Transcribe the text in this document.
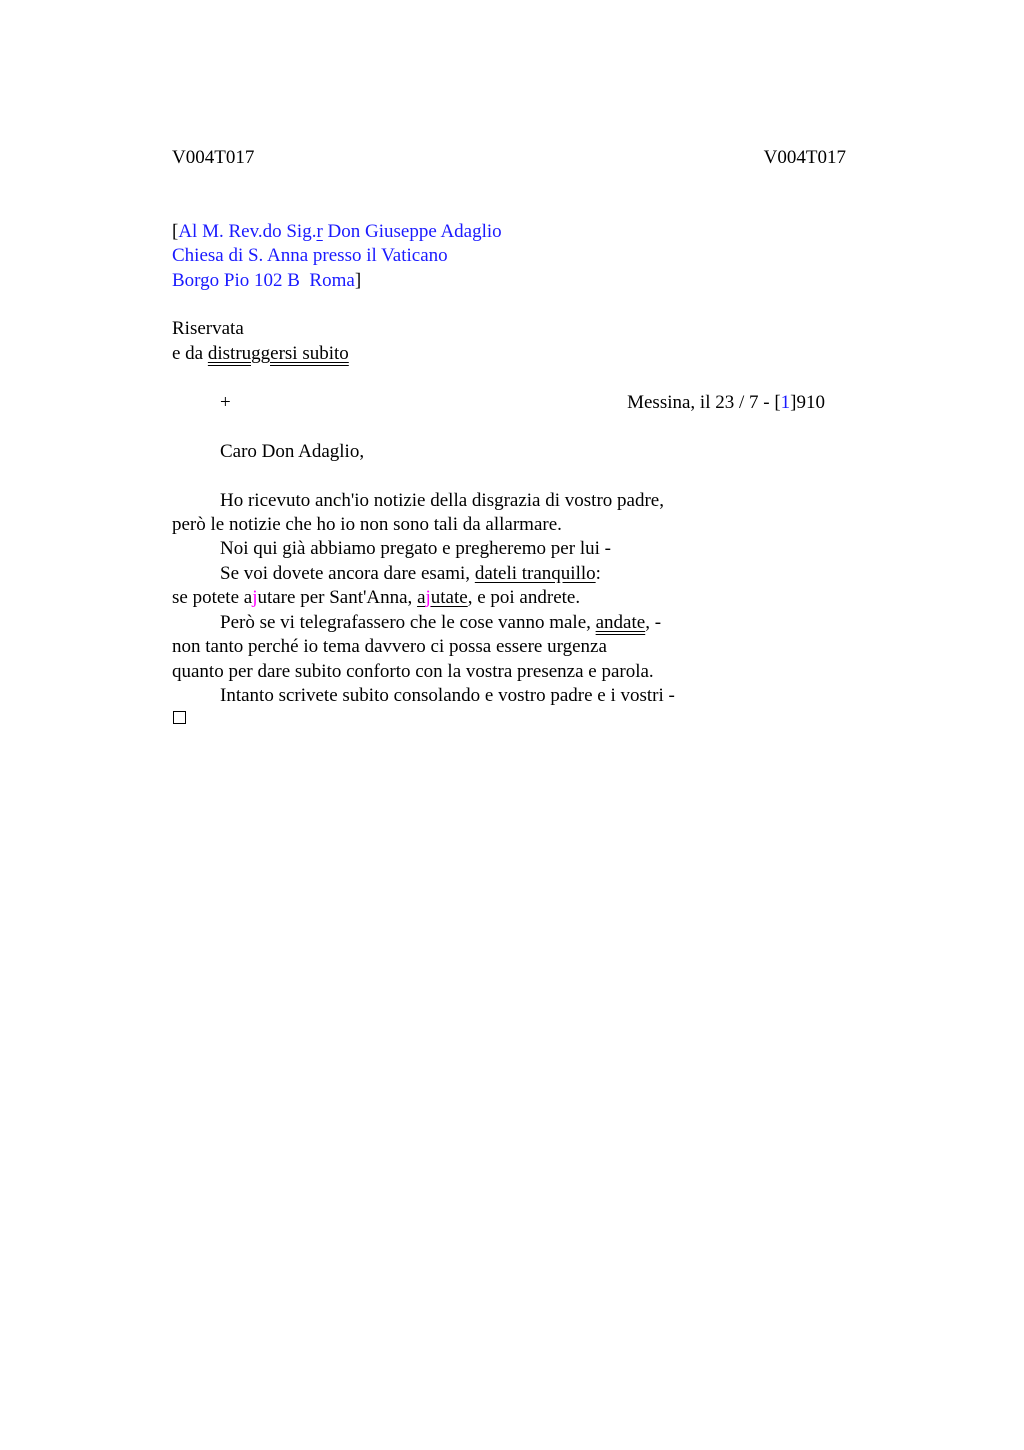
V004T017	V004T017
[Al M. Rev.do Sig.r Don Giuseppe Adaglio
Chiesa di S. Anna presso il Vaticano
Borgo Pio 102 B  Roma]
Riservata
e da distruggersi subito
+	Messina, il 23 / 7 - [1]910
Caro Don Adaglio,
Ho ricevuto anch'io notizie della disgrazia di vostro padre,
però le notizie che ho io non sono tali da allarmare.
Noi qui già abbiamo pregato e pregheremo per lui -
Se voi dovete ancora dare esami, dateli tranquillo:
se potete ajutare per Sant'Anna, ajutate, e poi andrete.
Però se vi telegrafassero che le cose vanno male, andate, -
non tanto perché io tema davvero ci possa essere urgenza
quanto per dare subito conforto con la vostra presenza e parola.
Intanto scrivete subito consolando e vostro padre e i vostri -
